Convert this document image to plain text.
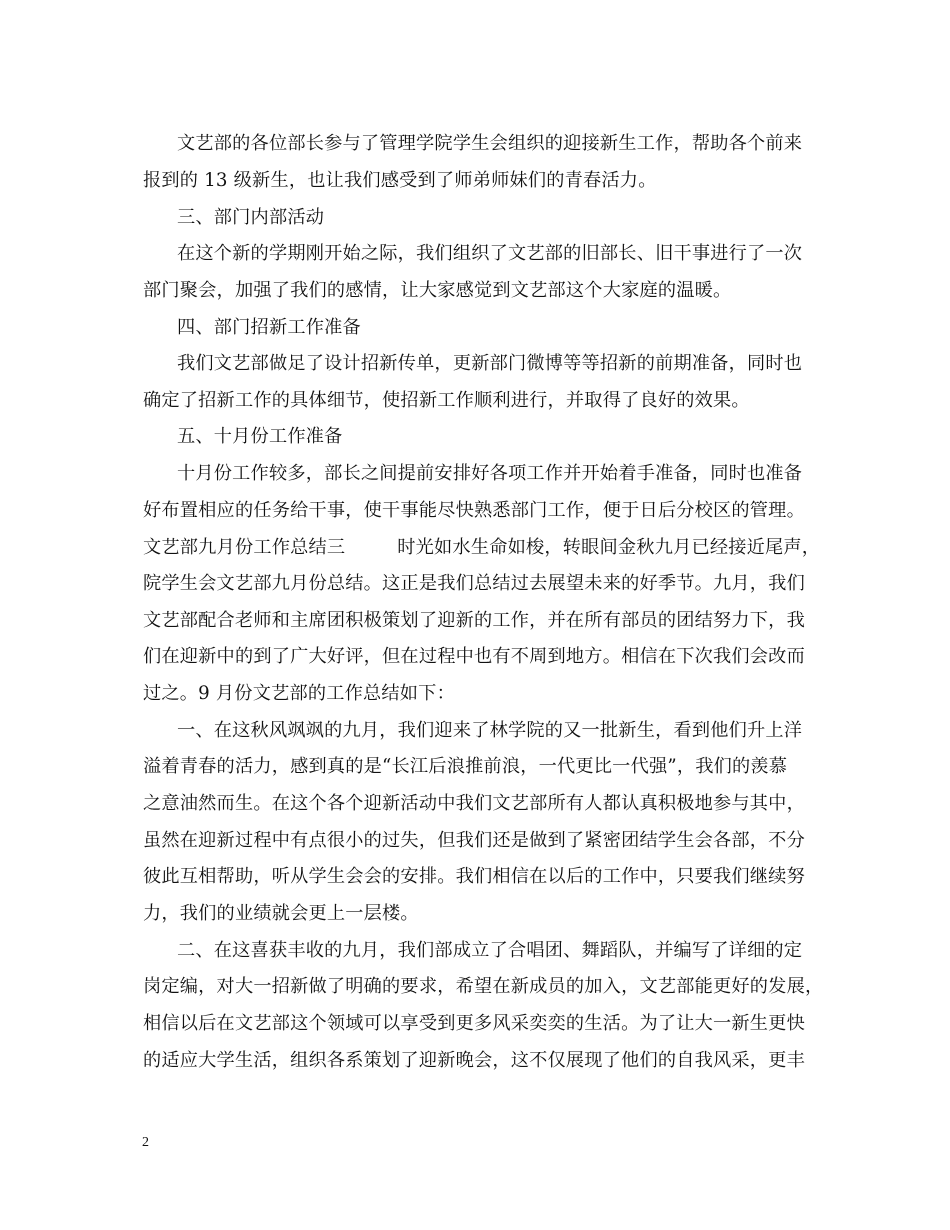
文艺部的各位部长参与了管理学院学生会组织的迎接新生工作，帮助各个前来
报到的 13 级新生，也让我们感受到了师弟师妹们的青春活力。
三、部门内部活动
在这个新的学期刚开始之际，我们组织了文艺部的旧部长、旧干事进行了一次
部门聚会，加强了我们的感情，让大家感觉到文艺部这个大家庭的温暖。
四、部门招新工作准备
我们文艺部做足了设计招新传单，更新部门微博等等招新的前期准备，同时也
确定了招新工作的具体细节，使招新工作顺利进行，并取得了良好的效果。
五、十月份工作准备
十月份工作较多，部长之间提前安排好各项工作并开始着手准备，同时也准备
好布置相应的任务给干事，使干事能尽快熟悉部门工作，便于日后分校区的管理。
文艺部九月份工作总结三	时光如水生命如梭，转眼间金秋九月已经接近尾声，
院学生会文艺部九月份总结。这正是我们总结过去展望未来的好季节。九月，我们
文艺部配合老师和主席团积极策划了迎新的工作，并在所有部员的团结努力下，我
们在迎新中的到了广大好评，但在过程中也有不周到地方。相信在下次我们会改而
过之。9 月份文艺部的工作总结如下：
一、在这秋风飒飒的九月，我们迎来了林学院的又一批新生，看到他们升上洋
溢着青春的活力，感到真的是“长江后浪推前浪，一代更比一代强”，我们的羡慕
之意油然而生。在这个各个迎新活动中我们文艺部所有人都认真积极地参与其中，
虽然在迎新过程中有点很小的过失，但我们还是做到了紧密团结学生会各部，不分
彼此互相帮助，听从学生会会的安排。我们相信在以后的工作中，只要我们继续努
力，我们的业绩就会更上一层楼。
二、在这喜获丰收的九月，我们部成立了合唱团、舞蹈队，并编写了详细的定
岗定编，对大一招新做了明确的要求，希望在新成员的加入，文艺部能更好的发展，
相信以后在文艺部这个领域可以享受到更多风采奕奕的生活。为了让大一新生更快
的适应大学生活，组织各系策划了迎新晚会，这不仅展现了他们的自我风采，更丰
2
